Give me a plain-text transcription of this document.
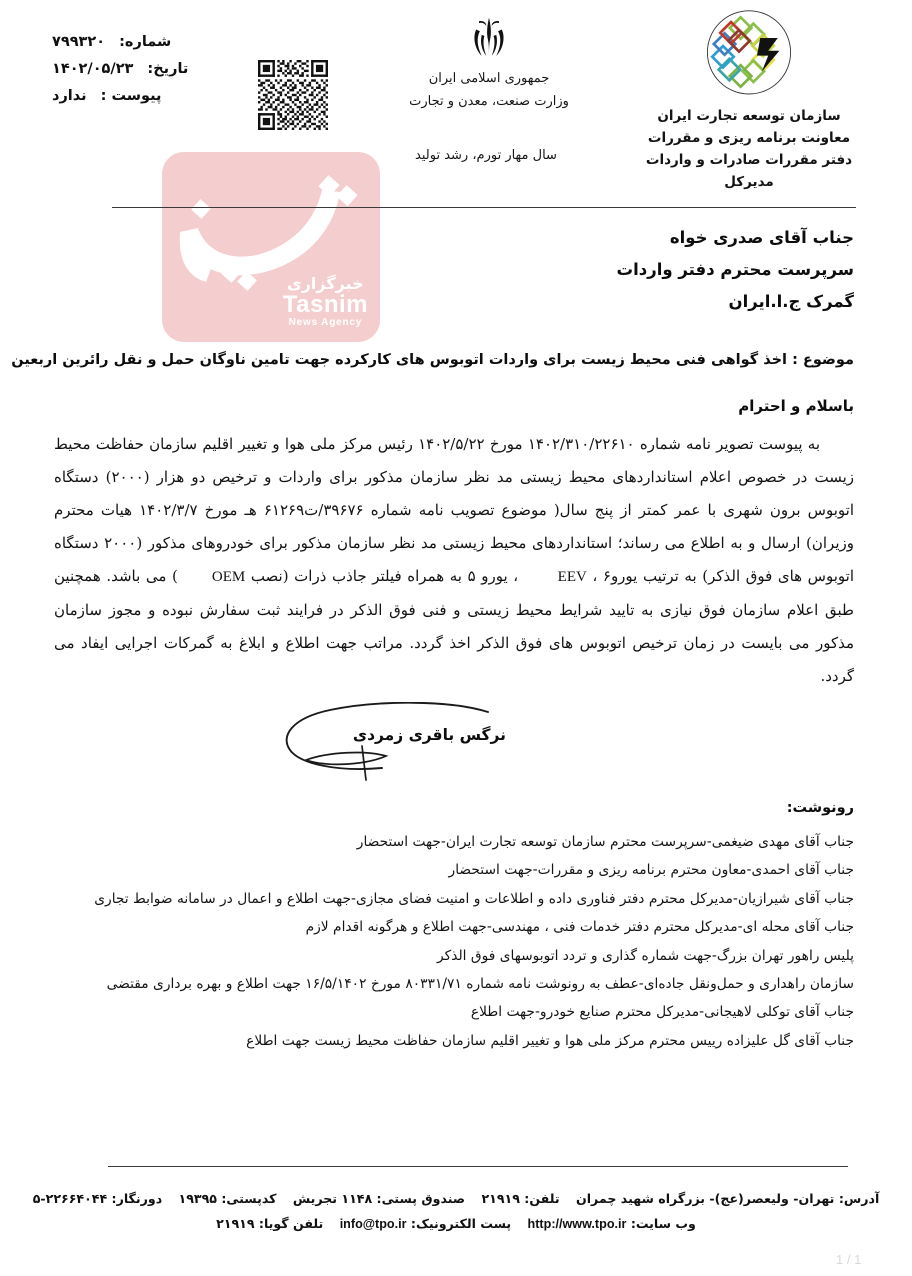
خبرگزاری
Tasnim
News Agency
سازمان توسعه تجارت ایران
معاونت برنامه ریزی و مقررات
دفتر مقررات صادرات و واردات
مدیرکل
جمهوری اسلامی ایران
وزارت صنعت، معدن و تجارت
سال مهار تورم، رشد تولید
شماره:۷۹۹۳۲۰
تاریخ:۱۴۰۲/۰۵/۲۳
پیوست :ندارد
جناب آقای صدری خواه
سرپرست محترم دفتر واردات
گمرک ج.ا.ایران
موضوع : اخذ گواهی فنی محیط زیست برای واردات اتوبوس های کارکرده جهت تامین ناوگان حمل و نقل رائرین اربعین
باسلام و احترام
به پیوست تصویر نامه شماره ۱۴۰۲/۳۱۰/۲۲۶۱۰ مورخ ۱۴۰۲/۵/۲۲ رئیس مرکز ملی هوا و تغییر اقلیم سازمان حفاظت محیط زیست در خصوص اعلام استانداردهای محیط زیستی مد نظر سازمان مذکور برای واردات و ترخیص دو هزار (۲۰۰۰) دستگاه اتوبوس برون شهری با عمر کمتر از پنج سال( موضوع تصویب نامه شماره ۳۹۶۷۶/ت۶۱۲۶۹ هـ مورخ ۱۴۰۲/۳/۷ هیات محترم وزیران) ارسال و به اطلاع می رساند؛ استانداردهای محیط زیستی مد نظر سازمان مذکور برای خودروهای مذکور (۲۰۰۰ دستگاه اتوبوس های فوق الذکر) به ترتیب یورو۶ ، EEV ، یورو ۵ به همراه فیلتر جاذب ذرات (نصب OEM) می باشد. همچنین طبق اعلام سازمان فوق نیازی به تایید شرایط محیط زیستی و فنی فوق الذکر در فرایند ثبت سفارش نبوده و مجوز سازمان مذکور می بایست در زمان ترخیص اتوبوس های فوق الذکر اخذ گردد. مراتب جهت اطلاع و ابلاغ به گمرکات اجرایی ایفاد می گردد.
نرگس باقری زمردی
رونوشت:
جناب آقای مهدی ضیغمی-سرپرست محترم سازمان توسعه تجارت ایران-جهت استحضار
جناب آقای احمدی-معاون محترم برنامه ریزی و مقررات-جهت استحضار
جناب آقای شیرازیان-مدیرکل محترم دفتر فناوری داده و اطلاعات و امنیت فضای مجازی-جهت اطلاع و اعمال در سامانه ضوابط تجاری
جناب آقای محله ای-مدیرکل محترم دفتر خدمات فنی ، مهندسی-جهت اطلاع و هرگونه اقدام لازم
پلیس راهور تهران بزرگ-جهت شماره گذاری و تردد اتوبوسهای فوق الذکر
سازمان راهداری و حمل‌ونقل جاده‌ای-عطف به رونوشت نامه شماره ۸۰۳۳۱/۷۱ مورخ ۱۶/۵/۱۴۰۲ جهت اطلاع و بهره برداری مقتضی
جناب آقای توکلی لاهیجانی-مدیرکل محترم صنایع خودرو-جهت اطلاع
جناب آقای گل علیزاده رییس محترم مرکز ملی هوا و تغییر اقلیم سازمان حفاظت محیط زیست جهت اطلاع
آدرس: تهران- ولیعصر(عج)- بزرگراه شهید چمران تلفن: ۲۱۹۱۹ صندوق پستی: ۱۱۴۸ تجریش کدپستی: ۱۹۳۹۵ دورنگار: ۲۲۶۶۴۰۴۴-۵
وب سایت: http://www.tpo.ir پست الکترونیک: info@tpo.ir تلفن گویا: ۲۱۹۱۹
1 / 1
